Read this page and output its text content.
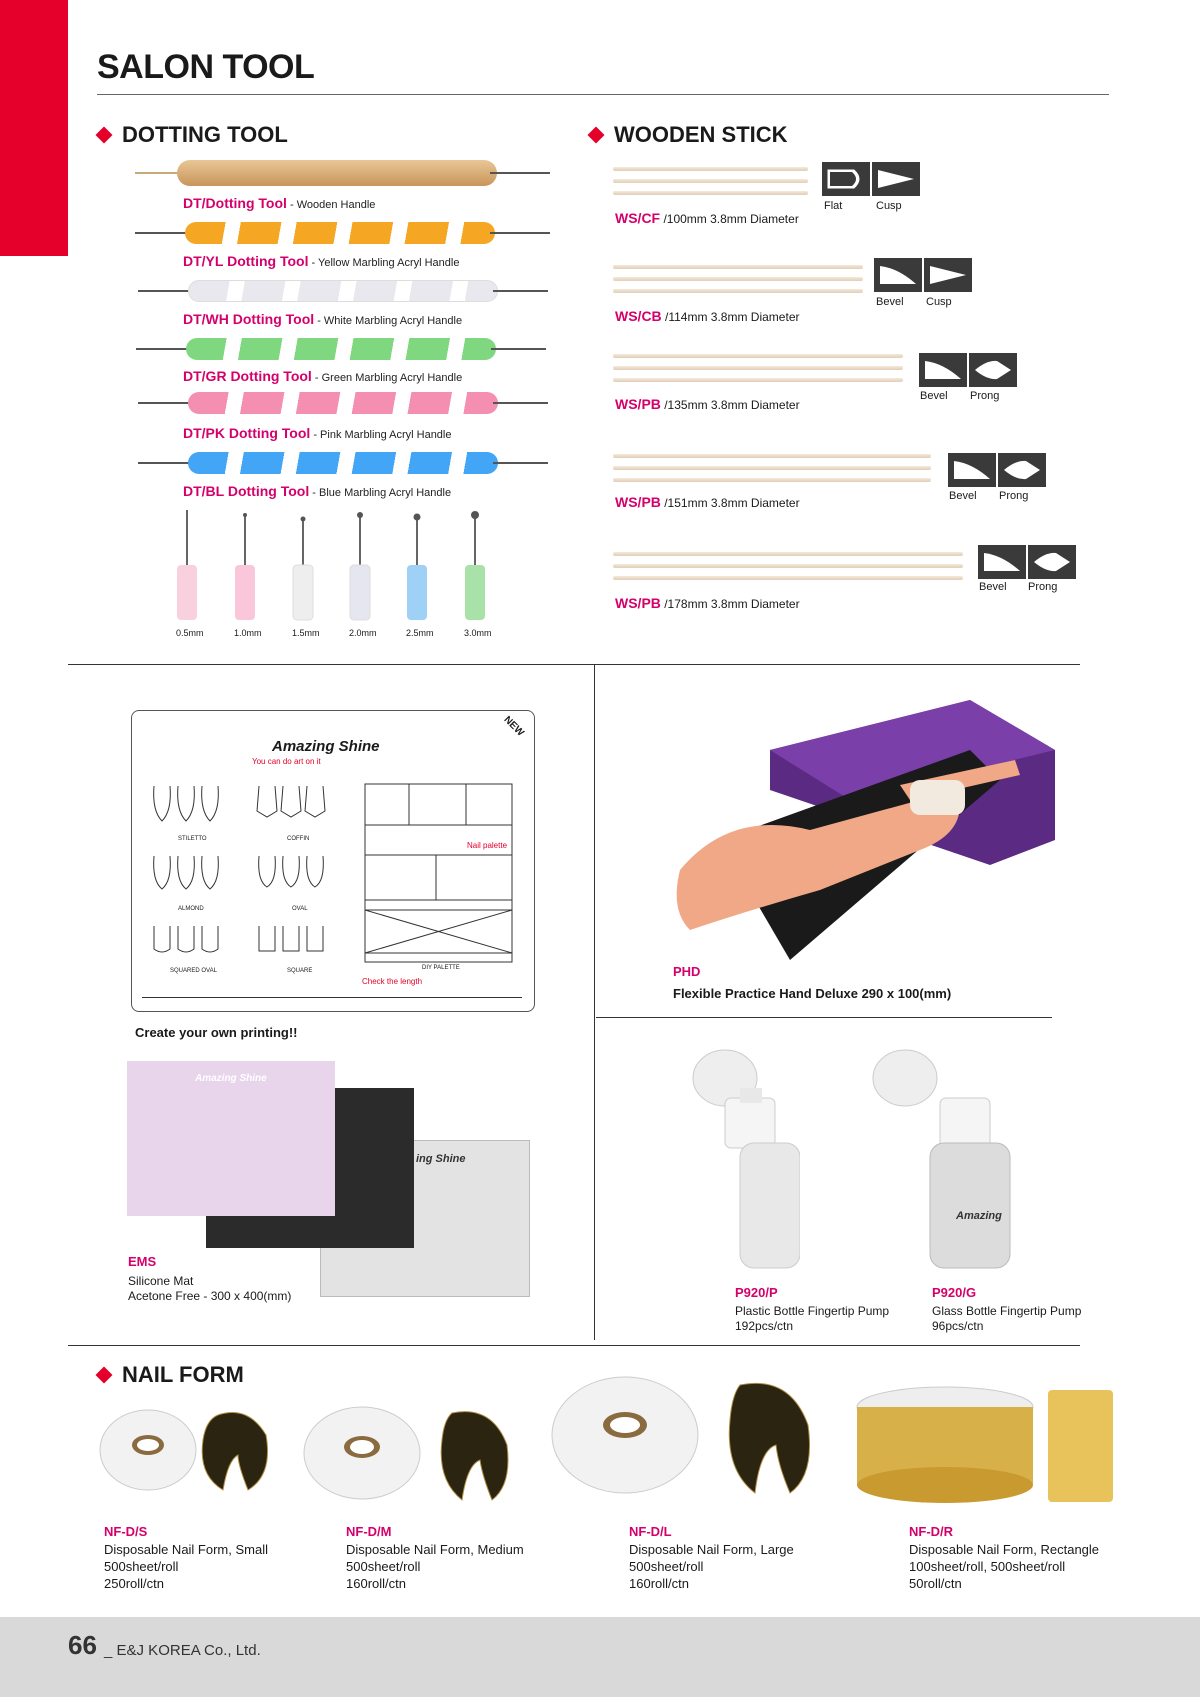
SALON TOOL
DOTTING TOOL
DT/Dotting Tool - Wooden Handle
DT/YL Dotting Tool - Yellow Marbling Acryl Handle
DT/WH Dotting Tool - White Marbling Acryl Handle
DT/GR Dotting Tool - Green Marbling Acryl Handle
DT/PK Dotting Tool - Pink Marbling Acryl Handle
DT/BL Dotting Tool - Blue Marbling Acryl Handle
0.5mm	1.0mm	1.5mm	2.0mm	2.5mm	3.0mm
WOODEN STICK
Flat	Cusp
WS/CF /100mm 3.8mm Diameter
Bevel Cusp
WS/CB /114mm 3.8mm Diameter
Bevel Prong
WS/PB /135mm 3.8mm Diameter
Bevel Prong
WS/PB /151mm 3.8mm Diameter
Bevel Prong
WS/PB /178mm 3.8mm Diameter
Amazing Shine
NEW
You can do art on it
STILETTO	COFFIN
ALMOND	OVAL
SQUARED OVAL	SQUARE
Nail palette
DIY PALETTE
Check the length
Create your own printing!!
ing Shine
Amazing Shine
EMS
Silicone Mat
Acetone Free - 300 x 400(mm)
PHD
Flexible Practice Hand Deluxe 290 x 100(mm)
Amazing
P920/P
Plastic Bottle Fingertip Pump
192pcs/ctn
P920/G
Glass Bottle Fingertip Pump
96pcs/ctn
NAIL FORM
NF-D/S
Disposable Nail Form, Small
500sheet/roll
250roll/ctn
NF-D/M
Disposable Nail Form, Medium
500sheet/roll
160roll/ctn
NF-D/L
Disposable Nail Form, Large
500sheet/roll
160roll/ctn
NF-D/R
Disposable Nail Form, Rectangle
100sheet/roll, 500sheet/roll
50roll/ctn
66 _ E&J KOREA Co., Ltd.
